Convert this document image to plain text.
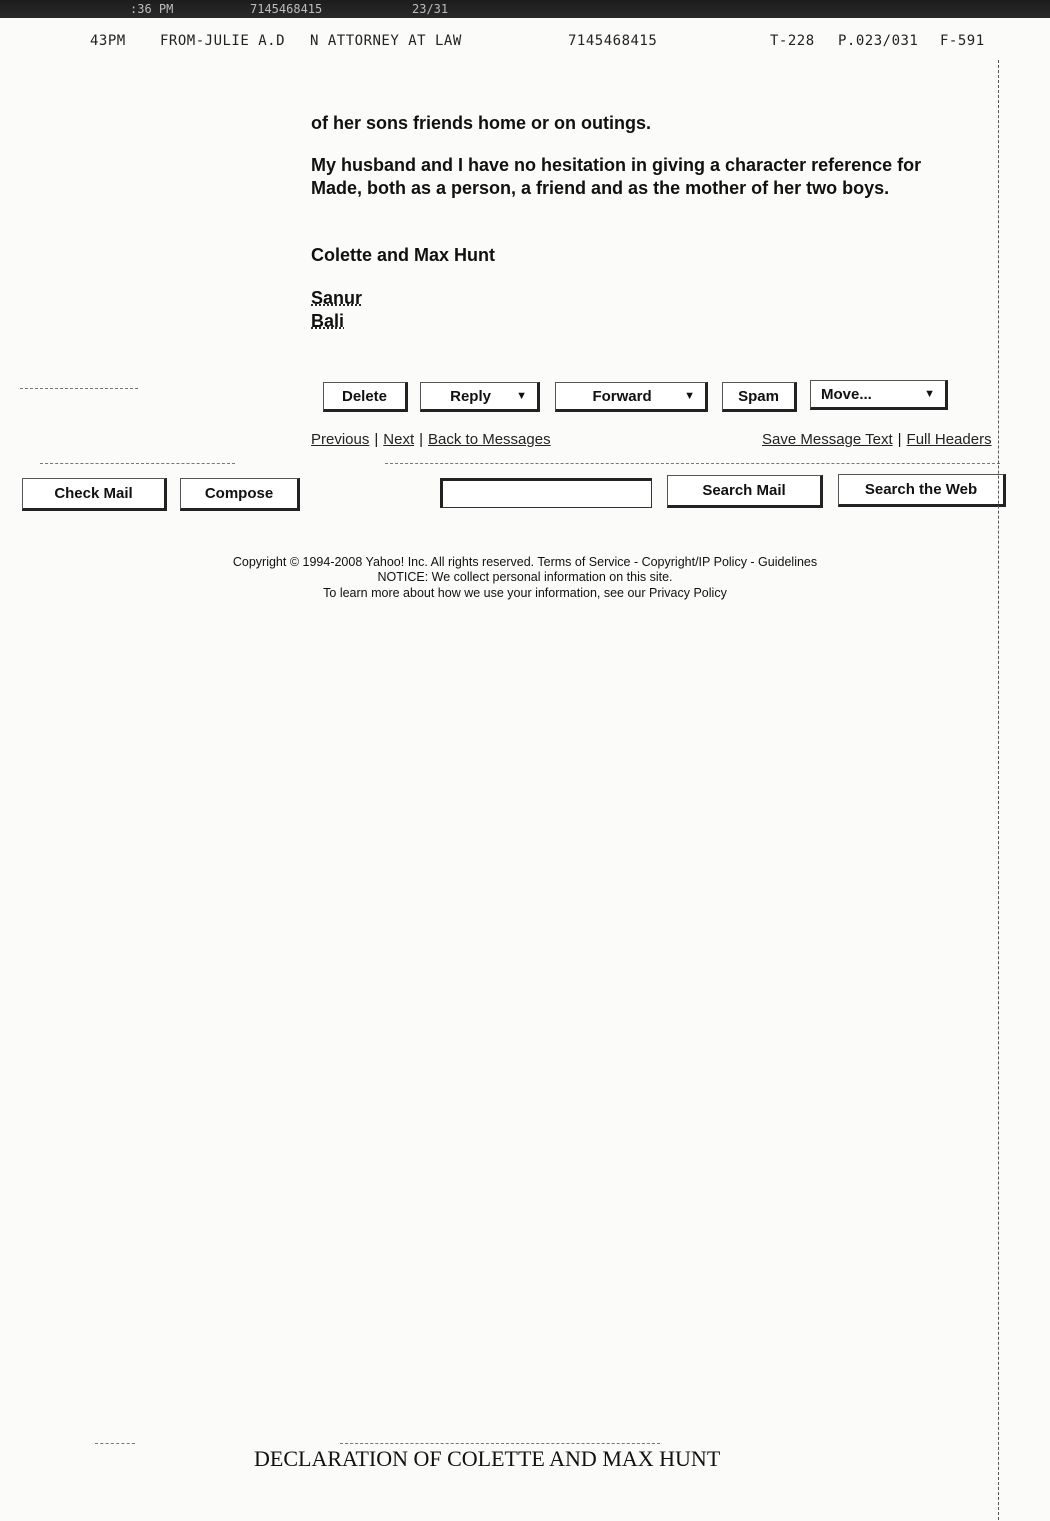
:36 PM	7145468415	23/31
43PM FROM-JULIE A.D N ATTORNEY AT LAW	7145468415	T-228 P.023/031 F-591
of her sons friends home or on outings.
My husband and I have no hesitation in giving a character reference for
Made, both as a person, a friend and as the mother of her two boys.
Colette and Max Hunt
Sanur
Bali
Delete	Reply	▼	Forward	▼	Spam	Move...	▼
Previous | Next | Back to Messages	Save Message Text | Full Headers
Check Mail	Compose	Search Mail	Search the Web
Copyright © 1994-2008 Yahoo! Inc. All rights reserved. Terms of Service - Copyright/IP Policy - Guidelines
NOTICE: We collect personal information on this site.
To learn more about how we use your information, see our Privacy Policy
DECLARATION OF COLETTE AND MAX HUNT
